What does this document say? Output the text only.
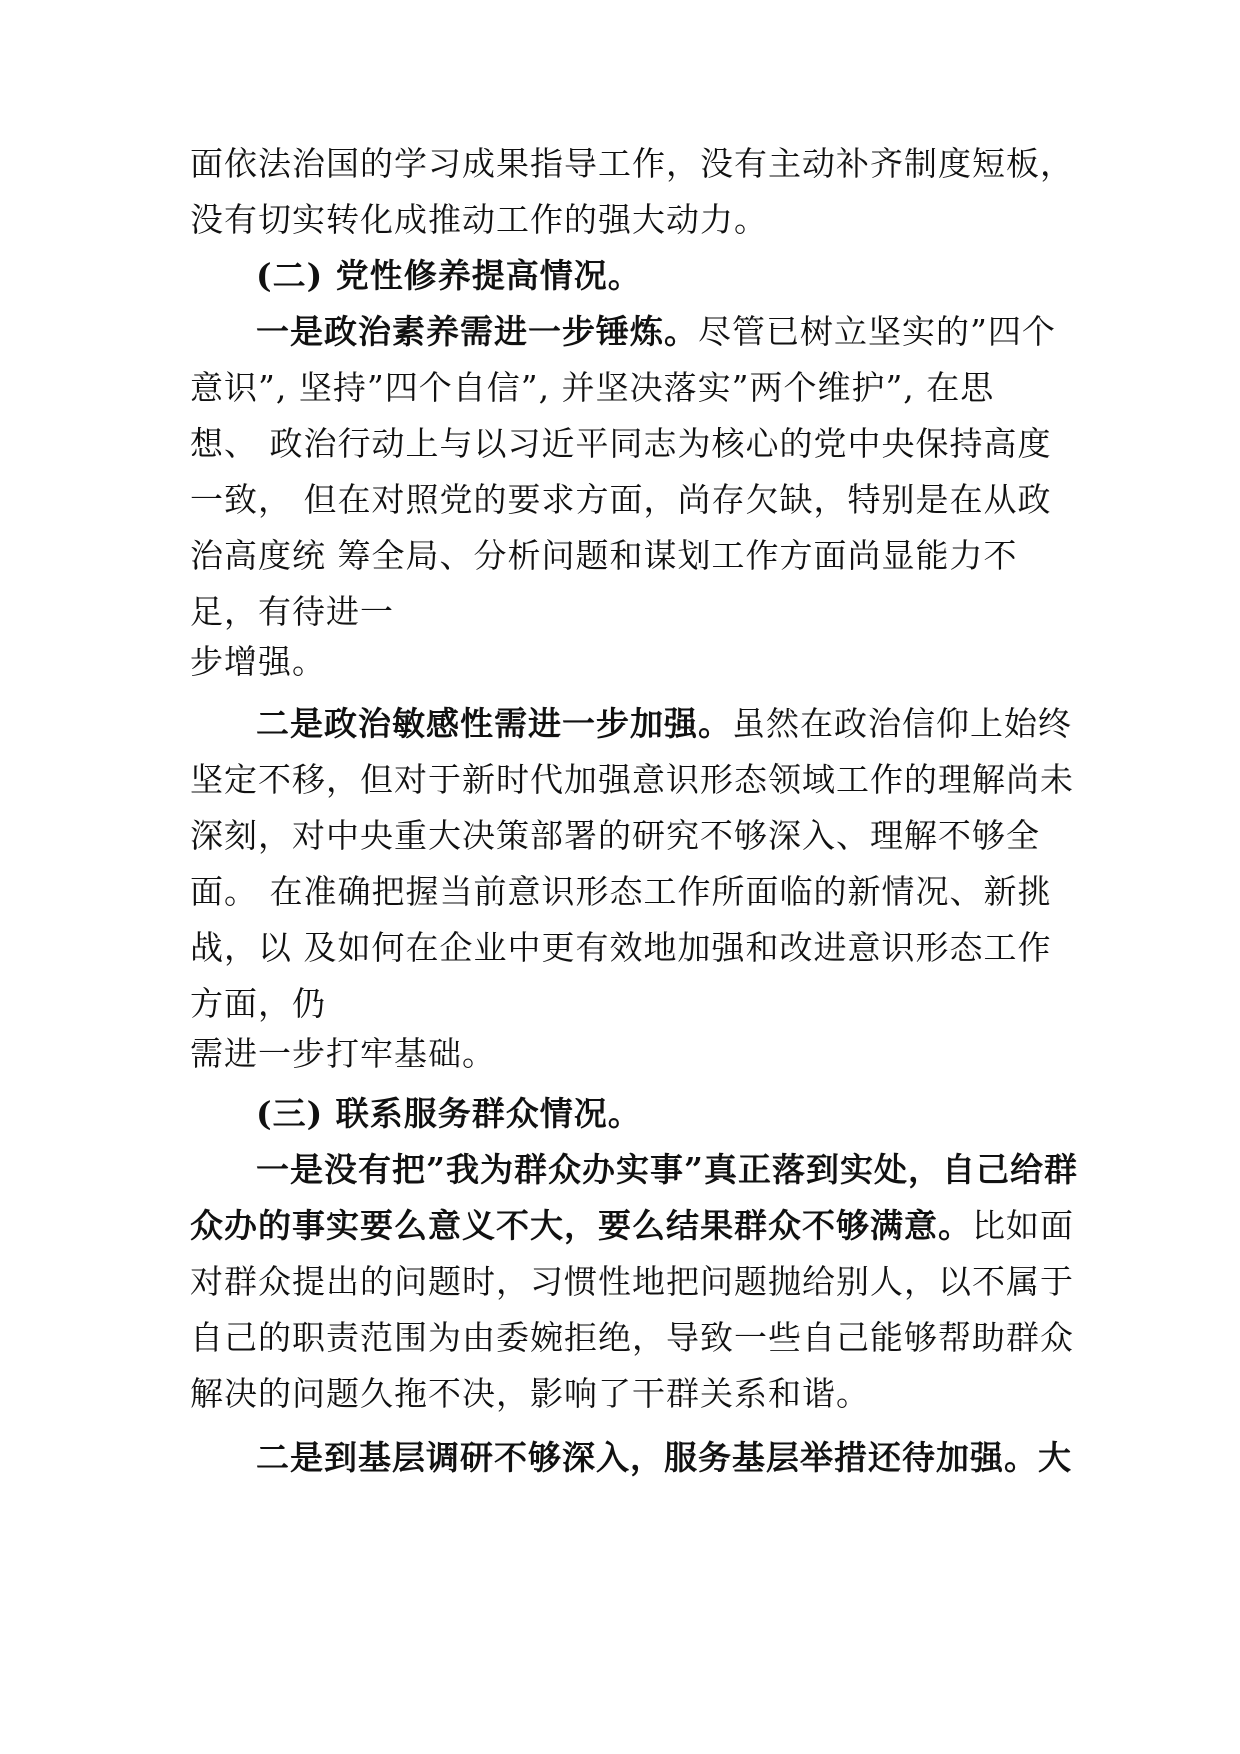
面依法治国的学习成果指导工作，没有主动补齐制度短板，
没有切实转化成推动工作的强大动力。
(二) 党性修养提高情况。
一是政治素养需进一步锤炼。尽管已树立坚实的”四个
意识”, 坚持”四个自信”, 并坚决落实”两个维护”, 在思
想、 政治行动上与以习近平同志为核心的党中央保持高度
一致， 但在对照党的要求方面，尚存欠缺，特别是在从政
治高度统 筹全局、分析问题和谋划工作方面尚显能力不
足，有待进一
步增强。
二是政治敏感性需进一步加强。虽然在政治信仰上始终
坚定不移，但对于新时代加强意识形态领域工作的理解尚未
深刻，对中央重大决策部署的研究不够深入、理解不够全
面。 在准确把握当前意识形态工作所面临的新情况、新挑
战，以 及如何在企业中更有效地加强和改进意识形态工作
方面，仍
需进一步打牢基础。
(三) 联系服务群众情况。
一是没有把”我为群众办实事”真正落到实处，自己给群
众办的事实要么意义不大，要么结果群众不够满意。比如面
对群众提出的问题时，习惯性地把问题抛给别人，以不属于
自己的职责范围为由委婉拒绝，导致一些自己能够帮助群众
解决的问题久拖不决，影响了干群关系和谐。
二是到基层调研不够深入，服务基层举措还待加强。大
